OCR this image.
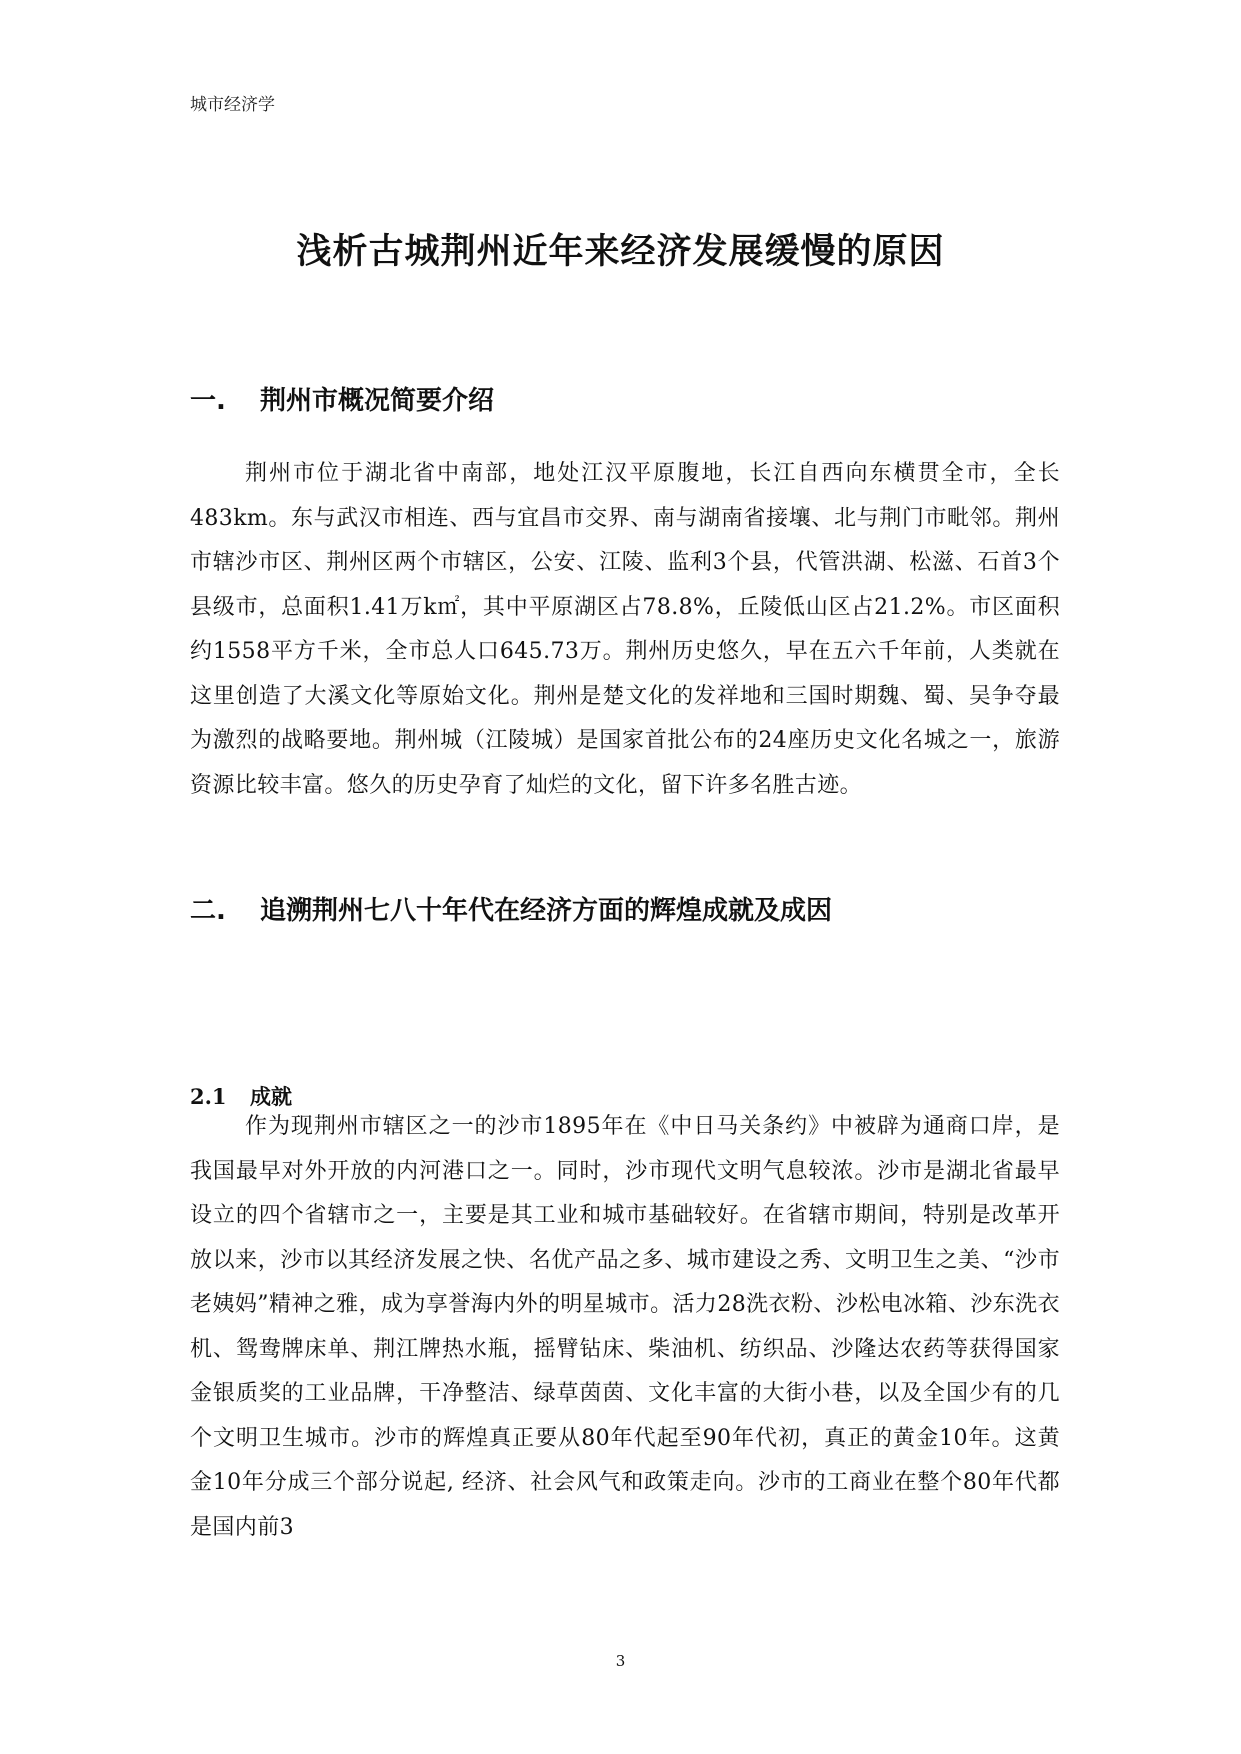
城市经济学
浅析古城荆州近年来经济发展缓慢的原因
一. 荆州市概况简要介绍

荆州市位于湖北省中南部，地处江汉平原腹地，长江自西向东横贯全市，全长483km。东与武汉市相连、西与宜昌市交界、南与湖南省接壤、北与荆门市毗邻。荆州市辖沙市区、荆州区两个市辖区，公安、江陵、监利3个县，代管洪湖、松滋、石首3个县级市，总面积1.41万k㎡，其中平原湖区占78.8%，丘陵低山区占21.2%。市区面积约1558平方千米，全市总人口645.73万。荆州历史悠久，早在五六千年前，人类就在这里创造了大溪文化等原始文化。荆州是楚文化的发祥地和三国时期魏、蜀、吴争夺最为激烈的战略要地。荆州城（江陵城）是国家首批公布的24座历史文化名城之一，旅游资源比较丰富。悠久的历史孕育了灿烂的文化，留下许多名胜古迹。

二. 追溯荆州七八十年代在经济方面的辉煌成就及成因
2.1 成就

作为现荆州市辖区之一的沙市1895年在《中日马关条约》中被辟为通商口岸，是我国最早对外开放的内河港口之一。同时，沙市现代文明气息较浓。沙市是湖北省最早设立的四个省辖市之一，主要是其工业和城市基础较好。在省辖市期间，特别是改革开放以来，沙市以其经济发展之快、名优产品之多、城市建设之秀、文明卫生之美、“沙市老姨妈”精神之雅，成为享誉海内外的明星城市。活力28洗衣粉、沙松电冰箱、沙东洗衣机、鸳鸯牌床单、荆江牌热水瓶，摇臂钻床、柴油机、纺织品、沙隆达农药等获得国家金银质奖的工业品牌，干净整洁、绿草茵茵、文化丰富的大街小巷，以及全国少有的几个文明卫生城市。沙市的辉煌真正要从80年代起至90年代初，真正的黄金10年。这黄金10年分成三个部分说起, 经济、社会风气和政策走向。沙市的工商业在整个80年代都是国内前3

3
